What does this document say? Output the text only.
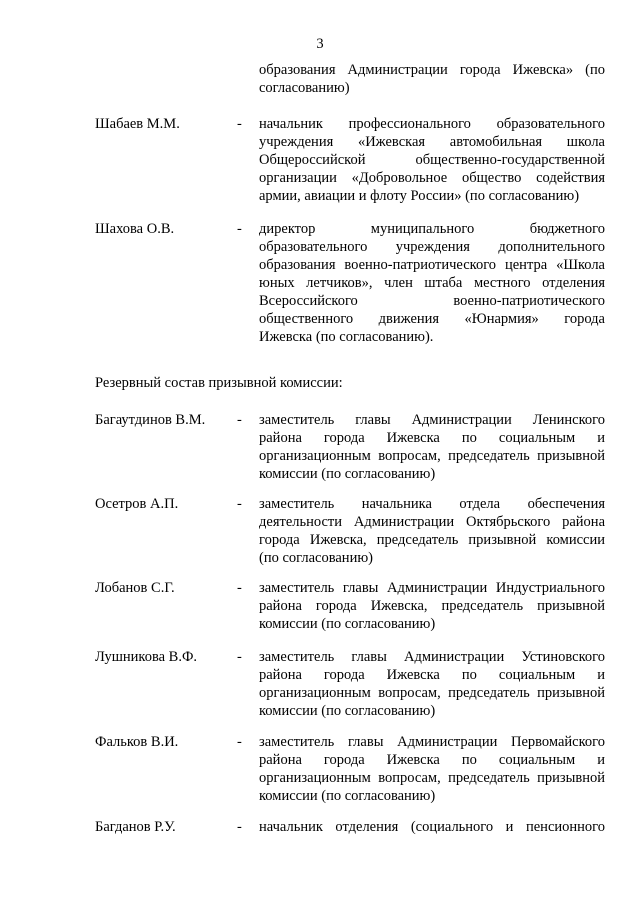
3
образования Администрации города Ижевска» (по
согласованию)
Шабаев М.М.	- начальник профессионального образовательного
учреждения «Ижевская автомобильная школа
Общероссийской общественно-государственной
организации «Добровольное общество содействия
армии, авиации и флоту России» (по согласованию)
Шахова О.В.	- директор муниципального бюджетного
образовательного учреждения дополнительного
образования военно-патриотического центра «Школа
юных летчиков», член штаба местного отделения
Всероссийского военно-патриотического
общественного движения «Юнармия» города
Ижевска (по согласованию).
Резервный состав призывной комиссии:
Багаутдинов В.М. - заместитель главы Администрации Ленинского
района города Ижевска по социальным и
организационным вопросам, председатель призывной
комиссии (по согласованию)
Осетров А.П.	- заместитель начальника отдела обеспечения
деятельности Администрации Октябрьского района
города Ижевска, председатель призывной комиссии
(по согласованию)
Лобанов С.Г.	- заместитель главы Администрации Индустриального
района города Ижевска, председатель призывной
комиссии (по согласованию)
Лушникова В.Ф.	- заместитель главы Администрации Устиновского
района города Ижевска по социальным и
организационным вопросам, председатель призывной
комиссии (по согласованию)
Фальков В.И.	- заместитель главы Администрации Первомайского
района города Ижевска по социальным и
организационным вопросам, председатель призывной
комиссии (по согласованию)
Багданов Р.У.	- начальник отделения (социального и пенсионного
